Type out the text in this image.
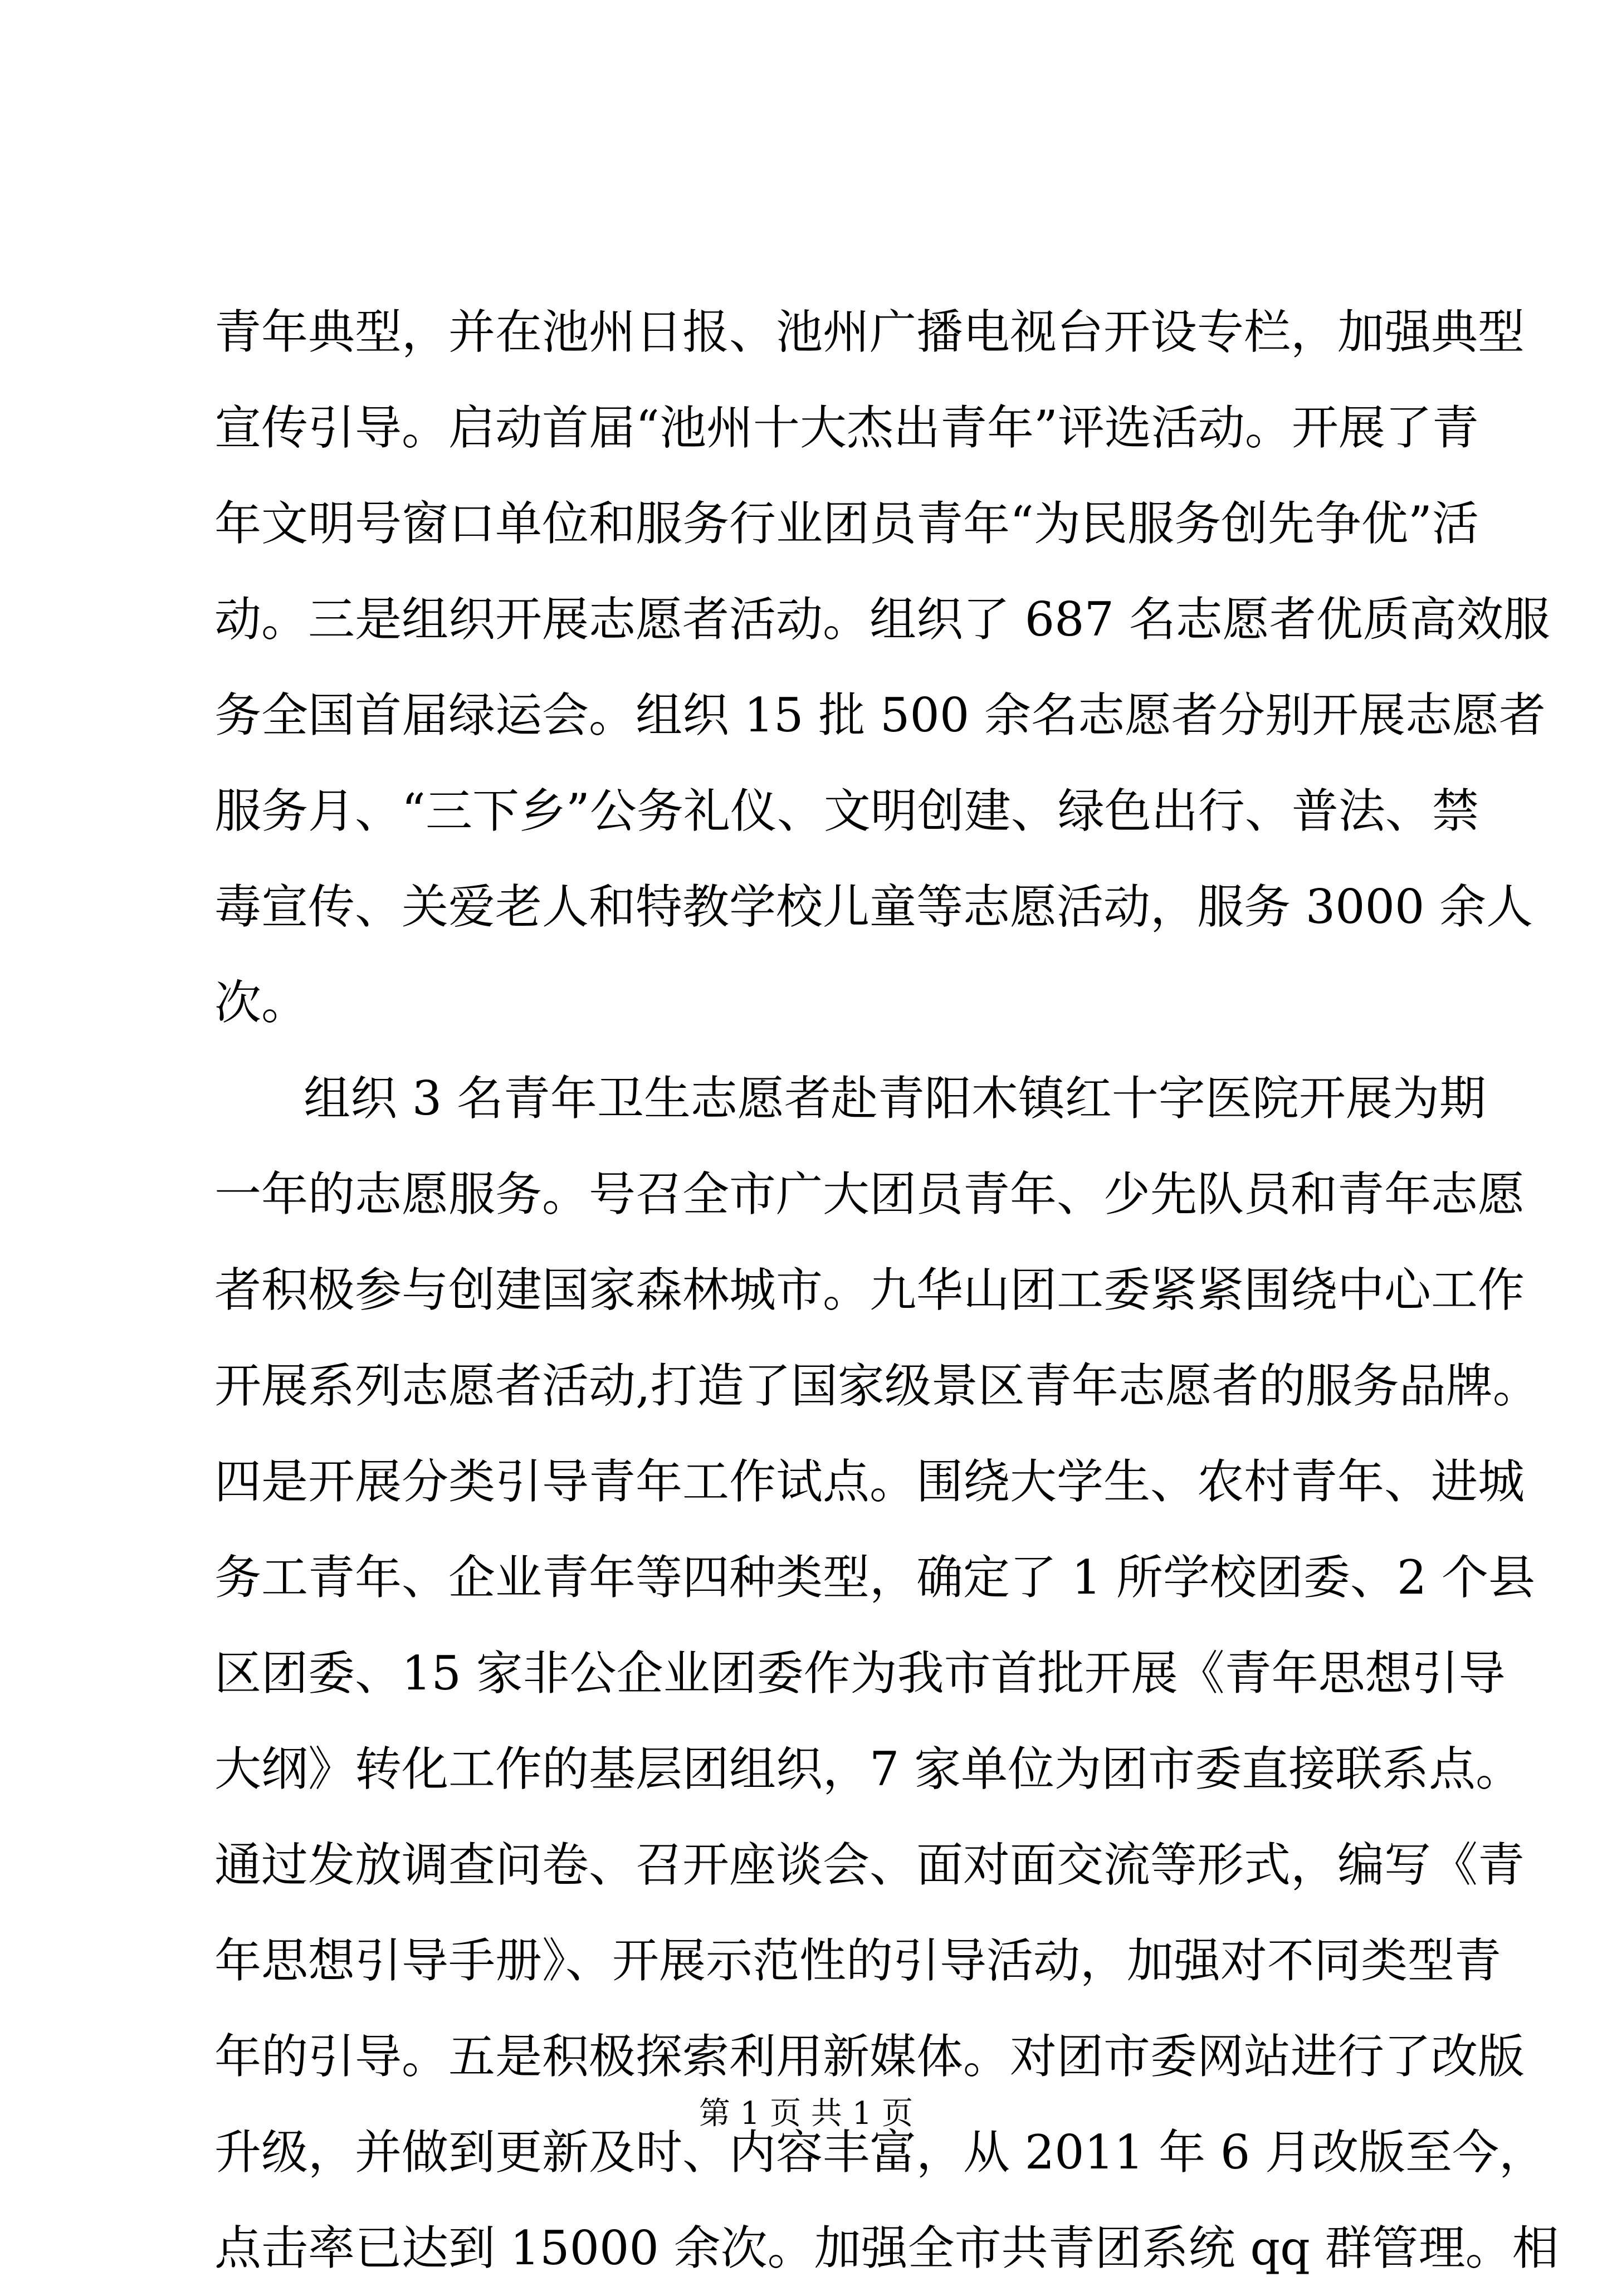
青年典型，并在池州日报、池州广播电视台开设专栏，加强典型
宣传引导。启动首届“池州十大杰出青年”评选活动。开展了青
年文明号窗口单位和服务行业团员青年“为民服务创先争优”活
动。三是组织开展志愿者活动。组织了 687 名志愿者优质高效服
务全国首届绿运会。组织 15 批 500 余名志愿者分别开展志愿者
服务月、“三下乡”公务礼仪、文明创建、绿色出行、普法、禁
毒宣传、关爱老人和特教学校儿童等志愿活动，服务 3000 余人
次。
组织 3 名青年卫生志愿者赴青阳木镇红十字医院开展为期
一年的志愿服务。号召全市广大团员青年、少先队员和青年志愿
者积极参与创建国家森林城市。九华山团工委紧紧围绕中心工作
开展系列志愿者活动,打造了国家级景区青年志愿者的服务品牌。
四是开展分类引导青年工作试点。围绕大学生、农村青年、进城
务工青年、企业青年等四种类型，确定了 1 所学校团委、2 个县
区团委、15 家非公企业团委作为我市首批开展《青年思想引导
大纲》转化工作的基层团组织，7 家单位为团市委直接联系点。
通过发放调查问卷、召开座谈会、面对面交流等形式，编写《青
年思想引导手册》、开展示范性的引导活动，加强对不同类型青
年的引导。五是积极探索利用新媒体。对团市委网站进行了改版
升级，并做到更新及时、内容丰富，从 2011 年 6 月改版至今，
点击率已达到 15000 余次。加强全市共青团系统 qq 群管理。相
第 1 页 共 1 页
